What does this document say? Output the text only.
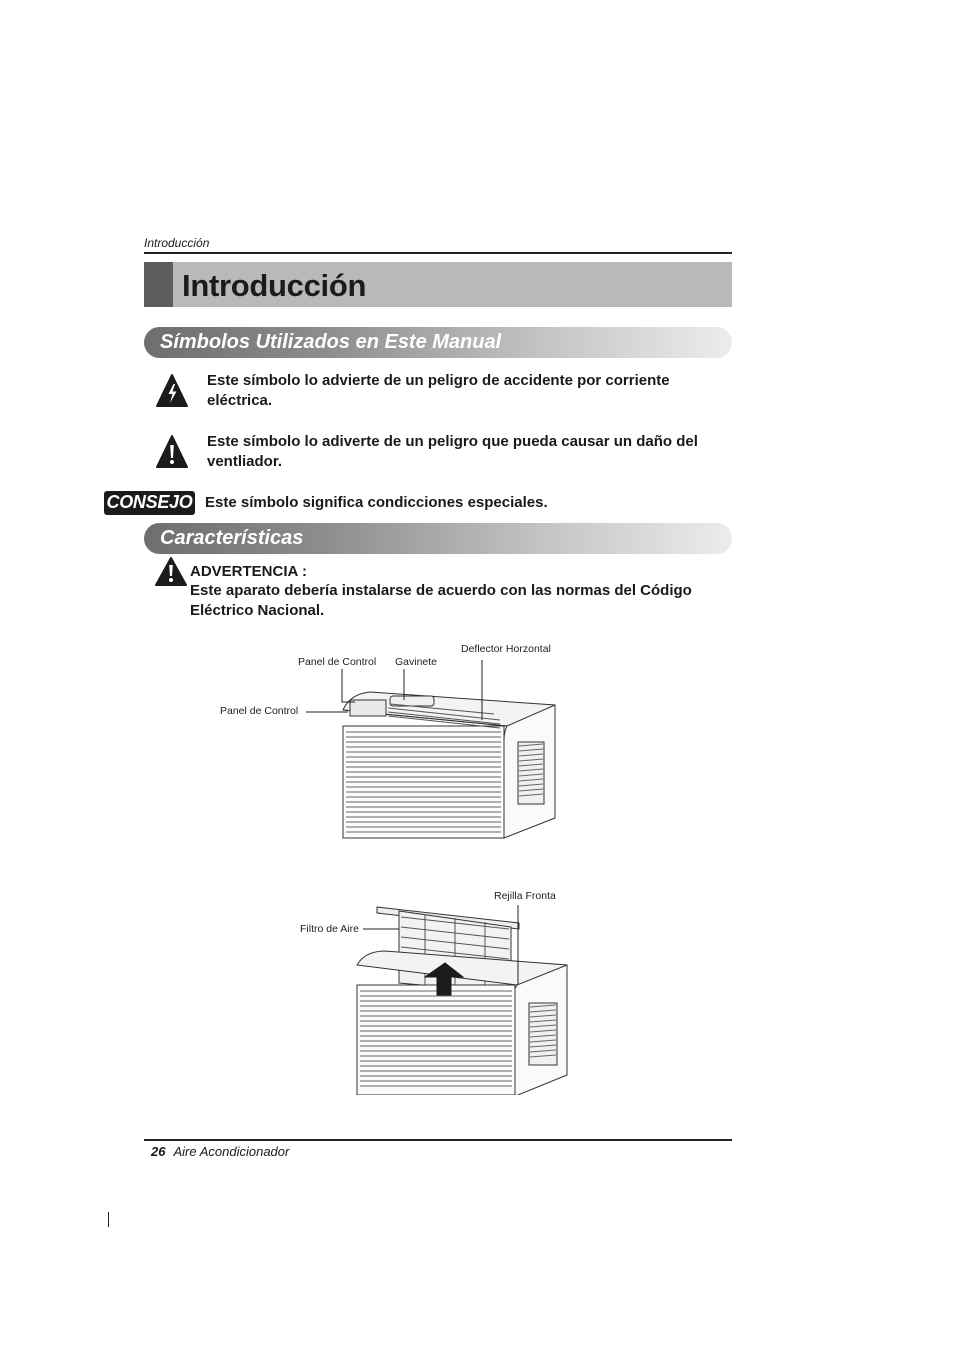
Introducción
Introducción
Símbolos Utilizados en Este Manual
Este símbolo lo advierte de un peligro de accidente por corriente eléctrica.
Este símbolo lo adiverte de un peligro que pueda causar un daño del ventliador.
CONSEJO Este símbolo significa condicciones especiales.
Características
ADVERTENCIA :
Este aparato debería instalarse de acuerdo con las normas del Código Eléctrico Nacional.
Panel de Control Gavinete
Deflector Horzontal
Panel de Control
Rejilla Fronta
Filtro de Aire
26 Aire Acondicionador
